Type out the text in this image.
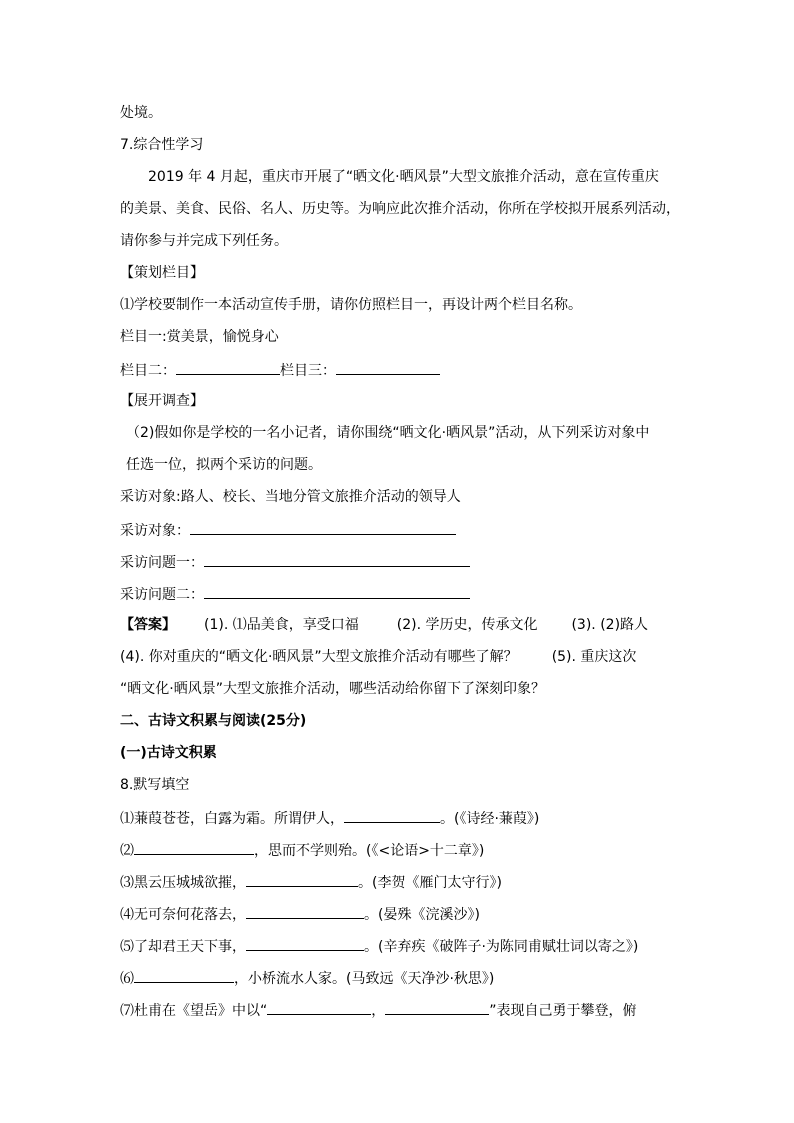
处境。
7.综合性学习
2019 年 4 月起，重庆市开展了“晒文化·晒风景”大型文旅推介活动，意在宣传重庆
的美景、美食、民俗、名人、历史等。为响应此次推介活动，你所在学校拟开展系列活动，
请你参与并完成下列任务。
【策划栏目】
⑴学校要制作一本活动宣传手册，请你仿照栏目一，再设计两个栏目名称。
栏目一:赏美景，愉悦身心
栏目二：	栏目三：
【展开调查】
（2)假如你是学校的一名小记者，请你围绕“晒文化·晒风景”活动，从下列采访对象中
任选一位，拟两个采访的问题。
采访对象:路人、校长、当地分管文旅推介活动的领导人
采访对象：
采访问题一：
采访问题二：
【答案】 (1). ⑴品美食，享受口福	(2). 学历史，传承文化 (3). (2)路人
(4). 你对重庆的“晒文化·晒风景”大型文旅推介活动有哪些了解？ (5). 重庆这次
“晒文化·晒风景”大型文旅推介活动，哪些活动给你留下了深刻印象？
二、古诗文积累与阅读(25分)
(一)古诗文积累
8.默写填空
⑴蒹葭苍苍，白露为霜。所谓伊人，	。(《诗经·蒹葭》)
⑵	，思而不学则殆。(《<论语>十二章》)
⑶黑云压城城欲摧，	。(李贺《雁门太守行》)
⑷无可奈何花落去，	。(晏殊《浣溪沙》)
⑸了却君王天下事，	。(辛弃疾《破阵子·为陈同甫赋壮词以寄之》)
⑹	，小桥流水人家。(马致远《天净沙·秋思》)
⑺杜甫在《望岳》中以“	，	”表现自己勇于攀登，俯
